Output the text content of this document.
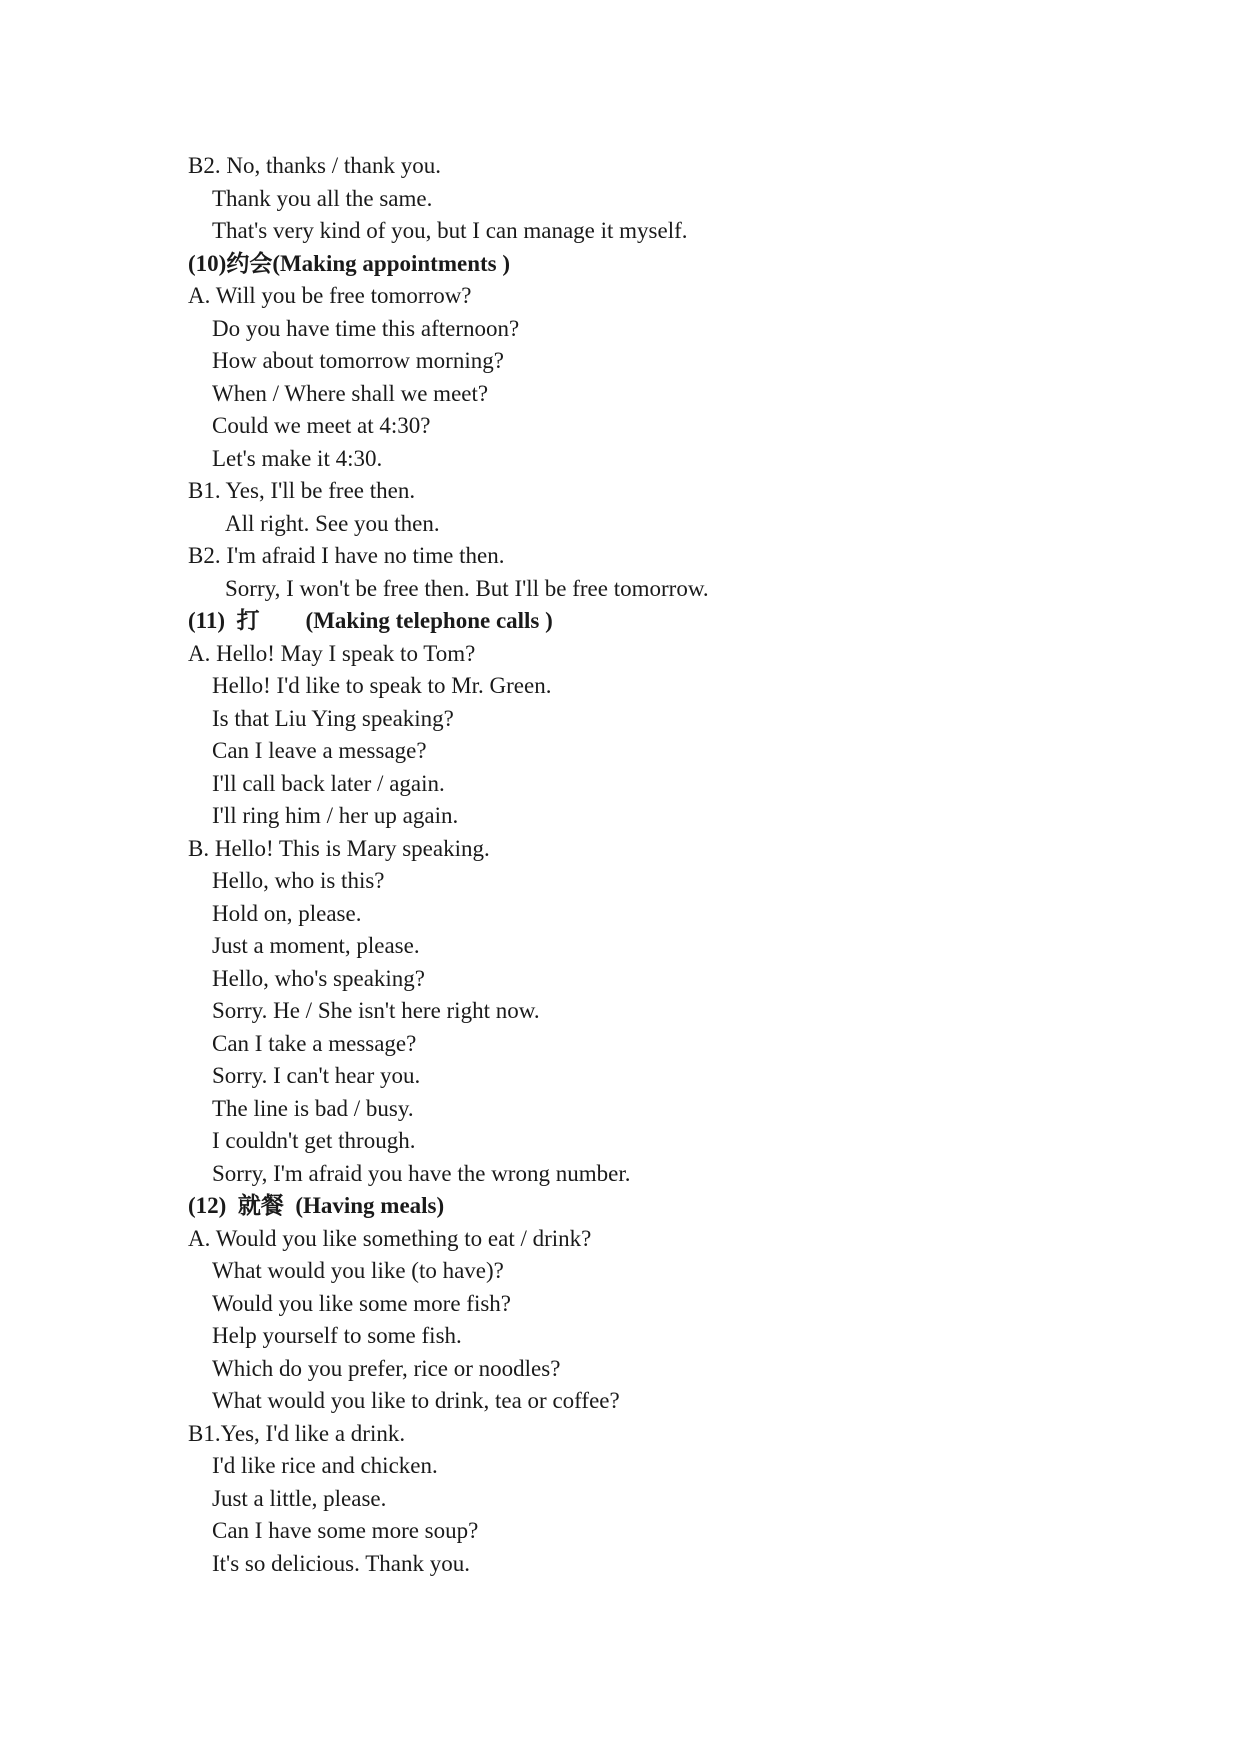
B2. No, thanks / thank you.
Thank you all the same.
That's very kind of you, but I can manage it myself.
(10)约会(Making appointments )
A. Will you be free tomorrow?
Do you have time this afternoon?
How about tomorrow morning?
When / Where shall we meet?
Could we meet at 4:30?
Let's make it 4:30.
B1. Yes, I'll be free then.
All right. See you then.
B2. I'm afraid I have no time then.
Sorry, I won't be free then. But I'll be free tomorrow.
(11)  打        (Making telephone calls )
A. Hello! May I speak to Tom?
Hello! I'd like to speak to Mr. Green.
Is that Liu Ying speaking?
Can I leave a message?
I'll call back later / again.
I'll ring him / her up again.
B. Hello! This is Mary speaking.
Hello, who is this?
Hold on, please.
Just a moment, please.
Hello, who's speaking?
Sorry. He / She isn't here right now.
Can I take a message?
Sorry. I can't hear you.
The line is bad / busy.
I couldn't get through.
Sorry, I'm afraid you have the wrong number.
(12)  就餐  (Having meals)
A. Would you like something to eat / drink?
What would you like (to have)?
Would you like some more fish?
Help yourself to some fish.
Which do you prefer, rice or noodles?
What would you like to drink, tea or coffee?
B1.Yes, I'd like a drink.
I'd like rice and chicken.
Just a little, please.
Can I have some more soup?
It's so delicious. Thank you.
